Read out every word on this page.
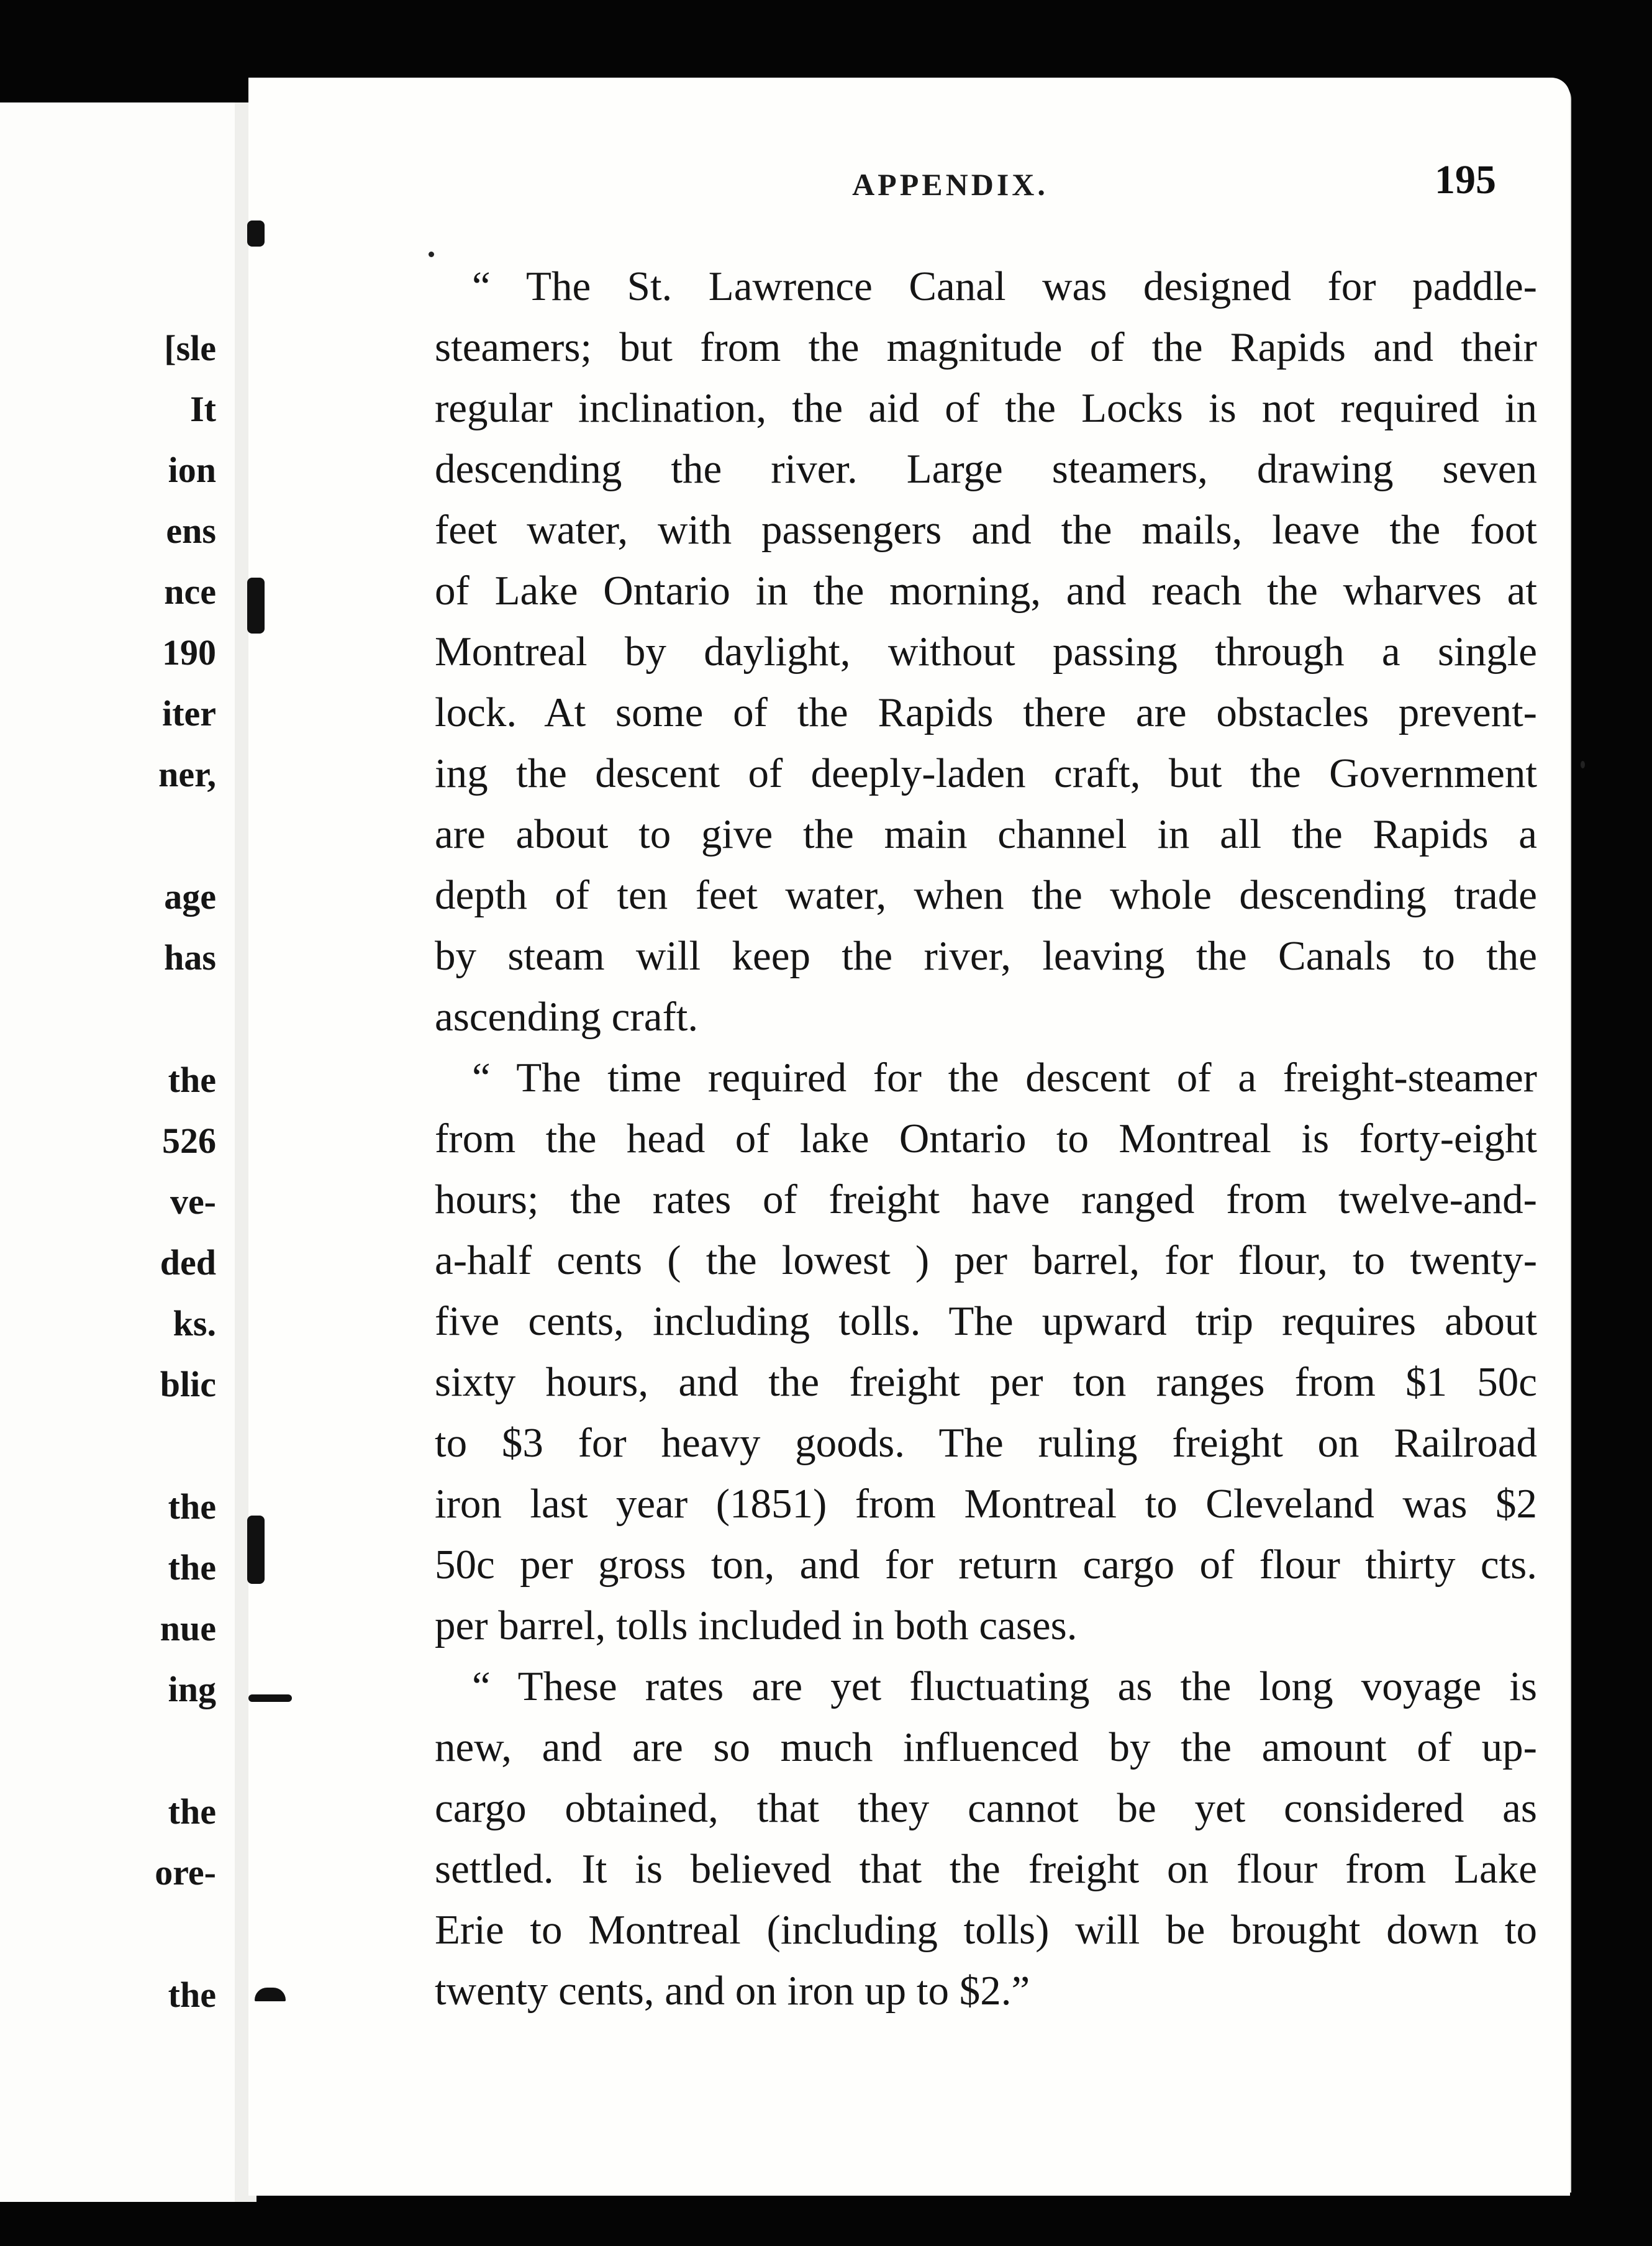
[sle
It
ion
ens
nce
190
iter
ner,
age
has
the
526
ve-
ded
ks.
blic
the
the
nue
ing
the
ore-
the
APPENDIX.	195
“ The St. Lawrence Canal was designed for paddle-
steamers; but from the magnitude of the Rapids and their
regular inclination, the aid of the Locks is not required in
descending the river. Large steamers, drawing seven
feet water, with passengers and the mails, leave the foot
of Lake Ontario in the morning, and reach the wharves at
Montreal by daylight, without passing through a single
lock. At some of the Rapids there are obstacles prevent-
ing the descent of deeply-laden craft, but the Government
are about to give the main channel in all the Rapids a
depth of ten feet water, when the whole descending trade
by steam will keep the river, leaving the Canals to the
ascending craft.
“ The time required for the descent of a freight-steamer
from the head of lake Ontario to Montreal is forty-eight
hours; the rates of freight have ranged from twelve-and-
a-half cents ( the lowest ) per barrel, for flour, to twenty-
five cents, including tolls. The upward trip requires about
sixty hours, and the freight per ton ranges from $1 50c
to $3 for heavy goods. The ruling freight on Railroad
iron last year (1851) from Montreal to Cleveland was $2
50c per gross ton, and for return cargo of flour thirty cts.
per barrel, tolls included in both cases.
“ These rates are yet fluctuating as the long voyage is
new, and are so much influenced by the amount of up-
cargo obtained, that they cannot be yet considered as
settled. It is believed that the freight on flour from Lake
Erie to Montreal (including tolls) will be brought down to
twenty cents, and on iron up to $2.”
